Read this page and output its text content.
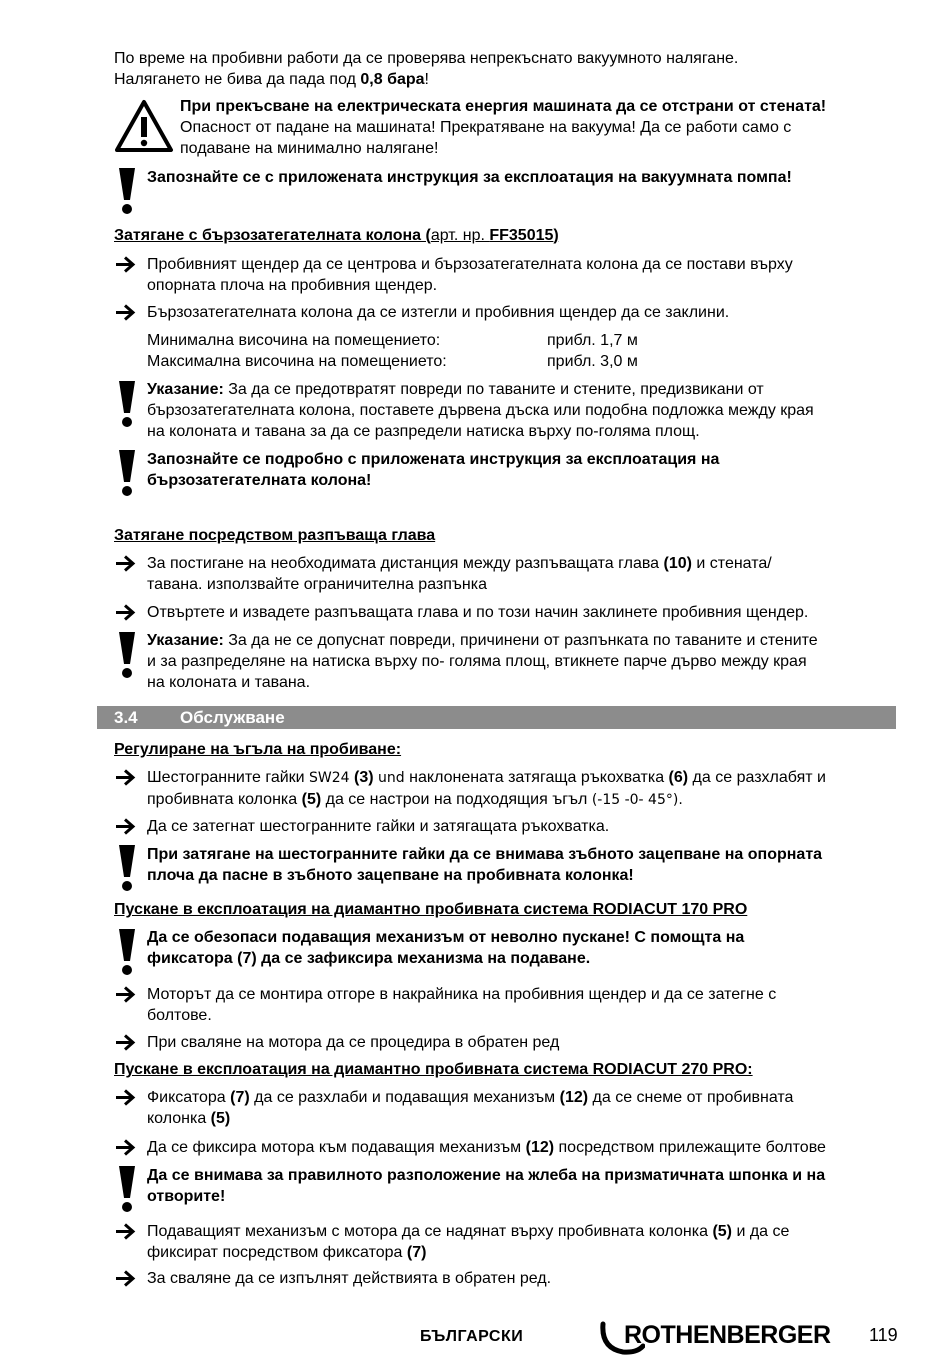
По време на пробивни работи да се проверява непрекъснато вакуумното налягане.
Налягането не бива да пада под 0,8 бара!
При прекъсване на електрическата енергия машината да се отстрани от стената!
Опасност от падане на машината! Прекратяване на вакуума! Да се работи само с
подаване на минимално налягане!
Запознайте се с приложената инструкция за експлоатация на вакуумната помпа!
Затягане с бързозатегателната колона (арт. нр. FF35015)
Пробивният щендер да се центрова и бързозатегателната колона да се постави върху
опорната плоча на пробивния щендер.
Бързозатегателната колона да се изтегли и пробивния щендер да се заклини.
Минимална височина на помещението:	прибл. 1,7 м
Максимална височина на помещението:	прибл. 3,0 м
Указание: За да се предотвратят повреди по таваните и стените, предизвикани от
бързозатегателната колона, поставете дървена дъска или подобна подложка между края
на колоната и тавана за да се разпредели натиска върху по-голяма площ.
Запознайте се подробно с приложената инструкция за експлоатация на
бързозатегателната колона!
Затягане посредством разпъваща глава
За постигане на необходимата дистанция между разпъващата глава (10) и стената/
тавана. използвайте ограничителна разпънка
Отвъртете и извадете разпъващата глава и по този начин заклинете пробивния щендер.
Указание: За да не се допуснат повреди, причинени от разпънката по таваните и стените
и за разпределяне на натиска върху по- голяма площ, втикнете парче дърво между края
на колоната и тавана.
3.4 Обслужване
Регулиране на ъгъла на пробиване:
Шестогранните гайки SW24 (3) und наклонената затягаща ръкохватка (6) да се разхлабят и
пробивната колонка (5) да се настрои на подходящия ъгъл (-15 -0- 45°).
Да се затегнат шестогранните гайки и затягащата ръкохватка.
При затягане на шестогранните гайки да се внимава зъбното зацепване на опорната
плоча да пасне в зъбното зацепване на пробивната колонка!
Пускане в експлоатация на диамантно пробивната система RODIACUT 170 PRO
Да се обезопаси подаващия механизъм от неволно пускане! С помощта на
фиксатора (7) да се зафиксира механизма на подаване.
Моторът да се монтира отгоре в накрайника на пробивния щендер и да се затегне с
болтове.
При сваляне на мотора да се процедира в обратен ред
Пускане в експлоатация на диамантно пробивната система RODIACUT 270 PRO:
Фиксатора (7) да се разхлаби и подаващия механизъм (12) да се снеме от пробивната
колонка (5)
Да се фиксира мотора към подаващия механизъм (12) посредством прилежащите болтове
Да се внимава за правилното разположение на жлеба на призматичната шпонка и на
отворите!
Подаващият механизъм с мотора да се надянат върху пробивната колонка (5) и да се
фиксират посредством фиксатора (7)
За сваляне да се изпълнят действията в обратен ред.
БЪЛГАРСКИ	ROTHENBERGER 119
